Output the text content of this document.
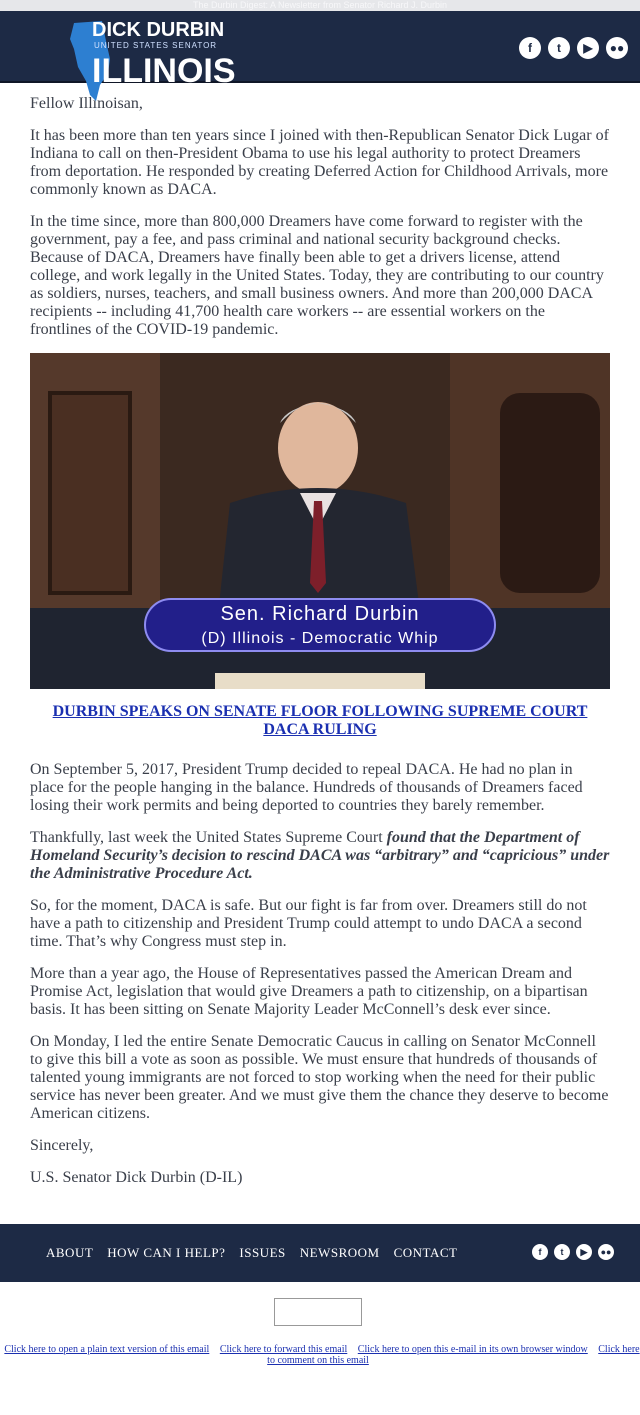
The Durbin Digest: A Newsletter from Senator Richard J. Durbin
DICK DURBIN
UNITED STATES SENATOR
ILLINOIS
f	t	▶	●●

Fellow Illinoisan,

It has been more than ten years since I joined with then-Republican Senator Dick Lugar of Indiana to call on then-President Obama to use his legal authority to protect Dreamers from deportation. He responded by creating Deferred Action for Childhood Arrivals, more commonly known as DACA.

In the time since, more than 800,000 Dreamers have come forward to register with the government, pay a fee, and pass criminal and national security background checks. Because of DACA, Dreamers have finally been able to get a drivers license, attend college, and work legally in the United States. Today, they are contributing to our country as soldiers, nurses, teachers, and small business owners. And more than 200,000 DACA recipients -- including 41,700 health care workers -- are essential workers on the frontlines of the COVID-19 pandemic.

Sen. Richard Durbin
(D) Illinois - Democratic Whip
DURBIN SPEAKS ON SENATE FLOOR FOLLOWING SUPREME COURT DACA RULING

On September 5, 2017, President Trump decided to repeal DACA. He had no plan in place for the people hanging in the balance. Hundreds of thousands of Dreamers faced losing their work permits and being deported to countries they barely remember.

Thankfully, last week the United States Supreme Court found that the Department of Homeland Security’s decision to rescind DACA was “arbitrary” and “capricious” under the Administrative Procedure Act.

So, for the moment, DACA is safe. But our fight is far from over. Dreamers still do not have a path to citizenship and President Trump could attempt to undo DACA a second time. That’s why Congress must step in.

More than a year ago, the House of Representatives passed the American Dream and Promise Act, legislation that would give Dreamers a path to citizenship, on a bipartisan basis. It has been sitting on Senate Majority Leader McConnell’s desk ever since.

On Monday, I led the entire Senate Democratic Caucus in calling on Senator McConnell to give this bill a vote as soon as possible. We must ensure that hundreds of thousands of talented young immigrants are not forced to stop working when the need for their public service has never been greater. And we must give them the chance they deserve to become American citizens.

Sincerely,

U.S. Senator Dick Durbin (D-IL)

ABOUT HOW CAN I HELP? ISSUES NEWSROOM CONTACT	f	t	▶	●●
Click here to open a plain text version of this email Click here to forward this email Click here to open this e-mail in its own browser window Click here to comment on this email
